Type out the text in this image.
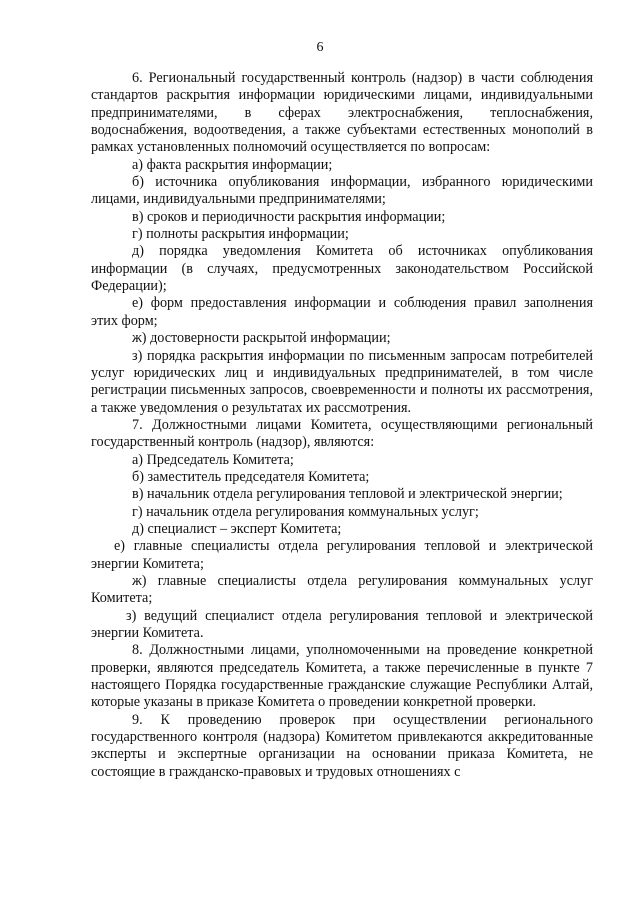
6

6. Региональный государственный контроль (надзор) в части соблюдения стандартов раскрытия информации юридическими лицами, индивидуальными предпринимателями, в сферах электроснабжения, теплоснабжения, водоснабжения, водоотведения, а также субъектами естественных монополий в рамках установленных полномочий осуществляется по вопросам:

а) факта раскрытия информации;

б) источника опубликования информации, избранного юридическими лицами, индивидуальными предпринимателями;

в) сроков и периодичности раскрытия информации;

г) полноты раскрытия информации;

д) порядка уведомления Комитета об источниках опубликования информации (в случаях, предусмотренных законодательством Российской Федерации);

е) форм предоставления информации и соблюдения правил заполнения этих форм;

ж) достоверности раскрытой информации;

з) порядка раскрытия информации по письменным запросам потребителей услуг юридических лиц и индивидуальных предпринимателей, в том числе регистрации письменных запросов, своевременности и полноты их рассмотрения, а также уведомления о результатах их рассмотрения.

7. Должностными лицами Комитета, осуществляющими региональный государственный контроль (надзор), являются:

а) Председатель Комитета;

б) заместитель председателя Комитета;

в) начальник отдела регулирования тепловой и электрической энергии;

г) начальник отдела регулирования коммунальных услуг;

д) специалист – эксперт Комитета;

е) главные специалисты отдела регулирования тепловой и электрической энергии Комитета;

ж) главные специалисты отдела регулирования коммунальных услуг Комитета;

з) ведущий специалист отдела регулирования тепловой и электрической энергии Комитета.

8. Должностными лицами, уполномоченными на проведение конкретной проверки, являются председатель Комитета, а также перечисленные в пункте 7 настоящего Порядка государственные гражданские служащие Республики Алтай, которые указаны в приказе Комитета о проведении конкретной проверки.

9. К проведению проверок при осуществлении регионального государственного контроля (надзора) Комитетом привлекаются аккредитованные эксперты и экспертные организации на основании приказа Комитета, не состоящие в гражданско-правовых и трудовых отношениях с
